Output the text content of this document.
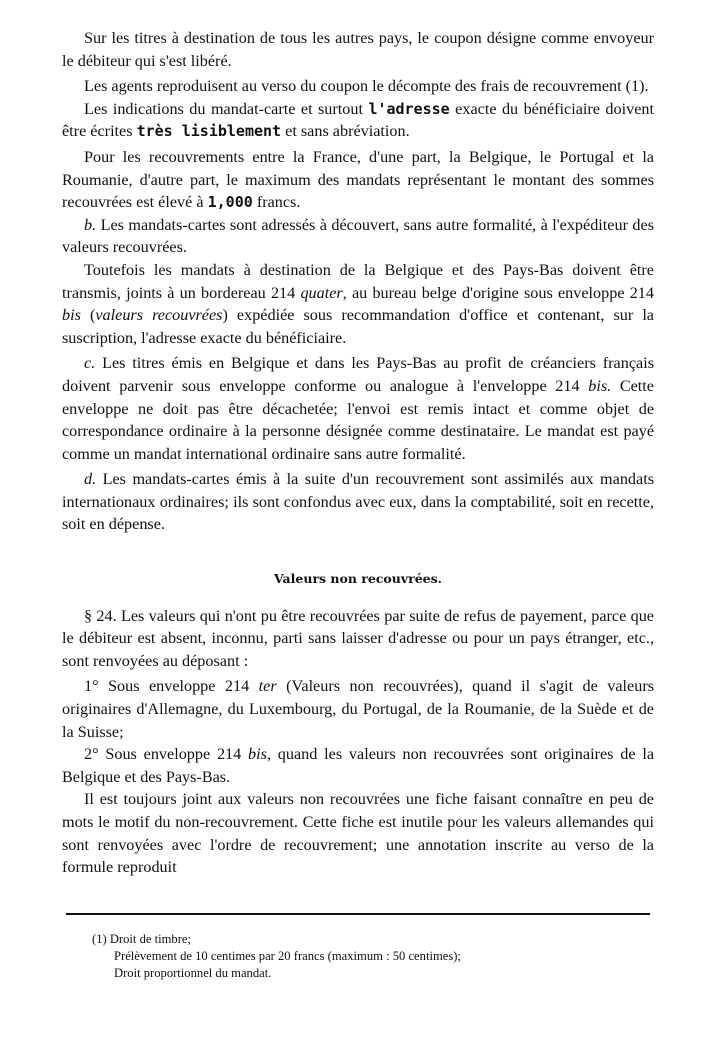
Sur les titres à destination de tous les autres pays, le coupon désigne comme envoyeur le débiteur qui s'est libéré.

Les agents reproduisent au verso du coupon le décompte des frais de recouvrement (1).

Les indications du mandat-carte et surtout l'adresse exacte du bénéficiaire doivent être écrites très lisiblement et sans abréviation.

Pour les recouvrements entre la France, d'une part, la Belgique, le Portugal et la Roumanie, d'autre part, le maximum des mandats représentant le montant des sommes recouvrées est élevé à 1,000 francs.

b. Les mandats-cartes sont adressés à découvert, sans autre formalité, à l'expéditeur des valeurs recouvrées.

Toutefois les mandats à destination de la Belgique et des Pays-Bas doivent être transmis, joints à un bordereau 214 quater, au bureau belge d'origine sous enveloppe 214 bis (valeurs recouvrées) expédiée sous recommandation d'office et contenant, sur la suscription, l'adresse exacte du bénéficiaire.

c. Les titres émis en Belgique et dans les Pays-Bas au profit de créanciers français doivent parvenir sous enveloppe conforme ou analogue à l'enveloppe 214 bis. Cette enveloppe ne doit pas être décachetée; l'envoi est remis intact et comme objet de correspondance ordinaire à la personne désignée comme destinataire. Le mandat est payé comme un mandat international ordinaire sans autre formalité.

d. Les mandats-cartes émis à la suite d'un recouvrement sont assimilés aux mandats internationaux ordinaires; ils sont confondus avec eux, dans la comptabilité, soit en recette, soit en dépense.

Valeurs non recouvrées.

§ 24. Les valeurs qui n'ont pu être recouvrées par suite de refus de payement, parce que le débiteur est absent, inconnu, parti sans laisser d'adresse ou pour un pays étranger, etc., sont renvoyées au déposant :

1° Sous enveloppe 214 ter (Valeurs non recouvrées), quand il s'agit de valeurs originaires d'Allemagne, du Luxembourg, du Portugal, de la Roumanie, de la Suède et de la Suisse;

2° Sous enveloppe 214 bis, quand les valeurs non recouvrées sont originaires de la Belgique et des Pays-Bas.

Il est toujours joint aux valeurs non recouvrées une fiche faisant connaître en peu de mots le motif du non-recouvrement. Cette fiche est inutile pour les valeurs allemandes qui sont renvoyées avec l'ordre de recouvrement; une annotation inscrite au verso de la formule reproduit

(1) Droit de timbre;

Prélèvement de 10 centimes par 20 francs (maximum : 50 centimes);

Droit proportionnel du mandat.
